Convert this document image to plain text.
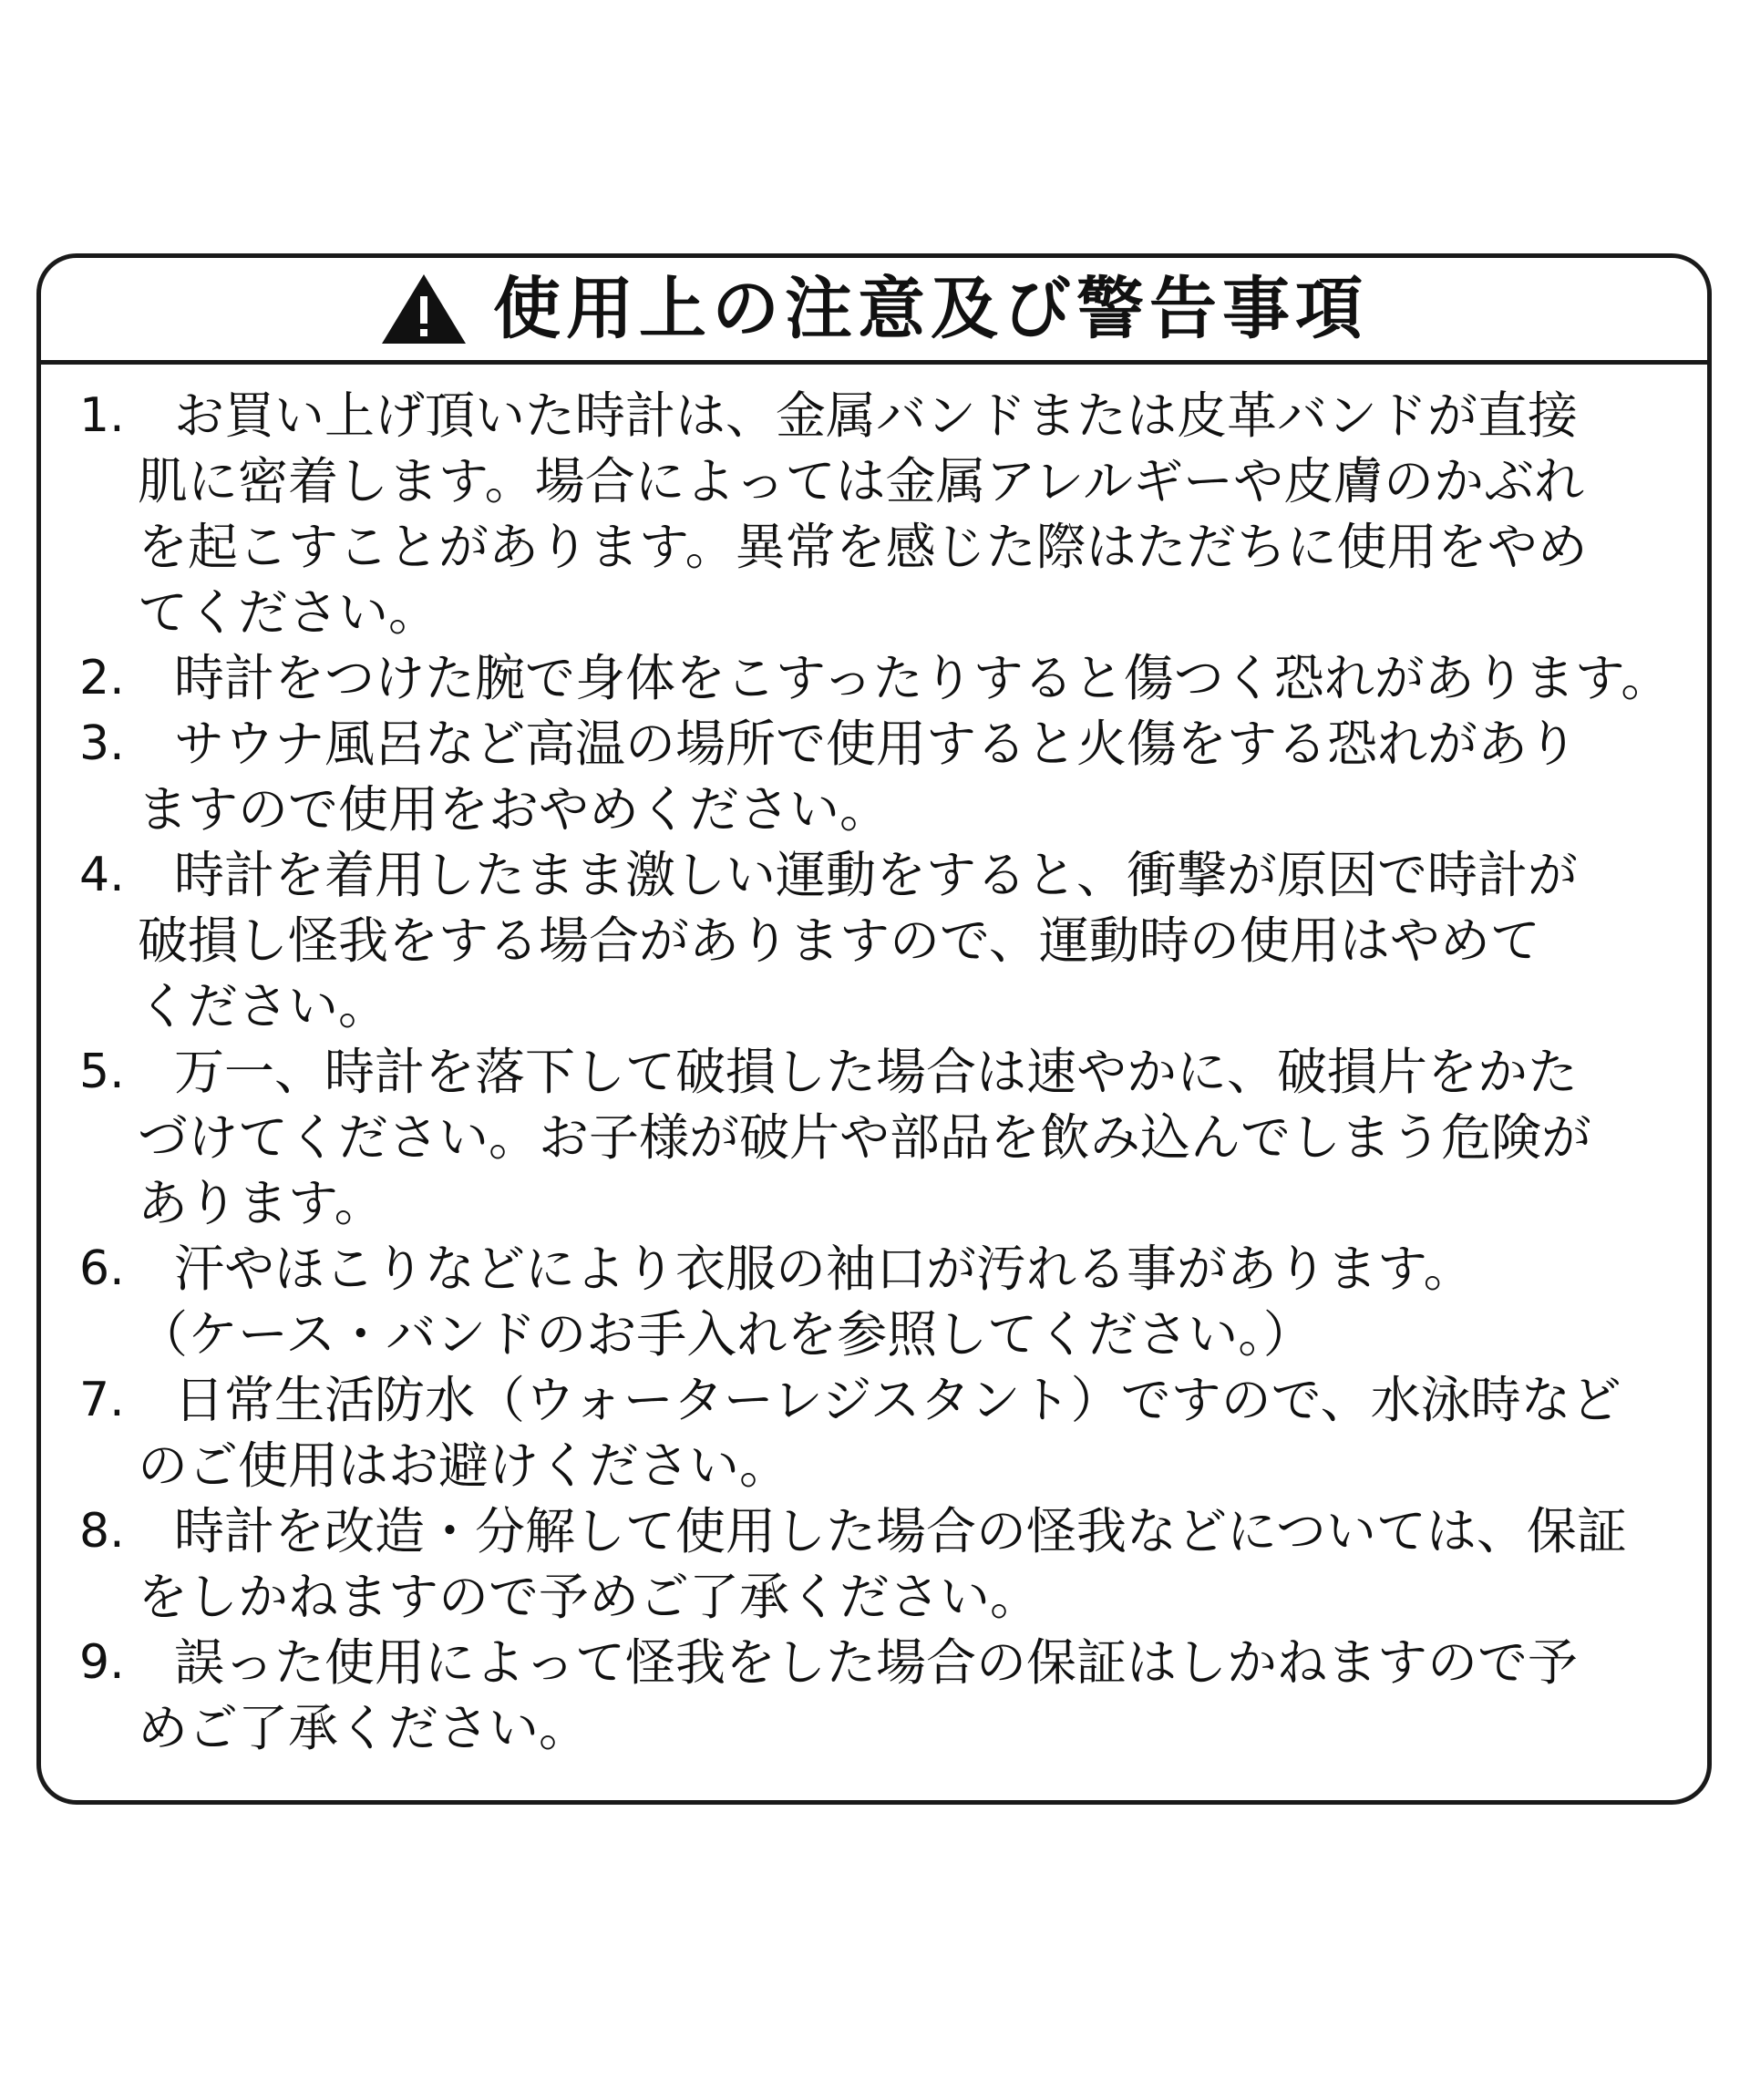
使用上の注意及び警告事項
1. お買い上げ頂いた時計は、金属バンドまたは皮革バンドが直接
肌に密着します。場合によっては金属アレルギーや皮膚のかぶれ
を起こすことがあります。異常を感じた際はただちに使用をやめ
てください。
2. 時計をつけた腕で身体をこすったりすると傷つく恐れがあります。
3. サウナ風呂など高温の場所で使用すると火傷をする恐れがあり
ますので使用をおやめください。
4. 時計を着用したまま激しい運動をすると、衝撃が原因で時計が
破損し怪我をする場合がありますので、運動時の使用はやめて
ください。
5. 万一、時計を落下して破損した場合は速やかに、破損片をかた
づけてください。お子様が破片や部品を飲み込んでしまう危険が
あります。
6. 汗やほこりなどにより衣服の袖口が汚れる事があります。
（ケース・バンドのお手入れを参照してください。）
7. 日常生活防水（ウォーターレジスタント）ですので、水泳時など
のご使用はお避けください。
8. 時計を改造・分解して使用した場合の怪我などについては、保証
をしかねますので予めご了承ください。
9. 誤った使用によって怪我をした場合の保証はしかねますので予
めご了承ください。
